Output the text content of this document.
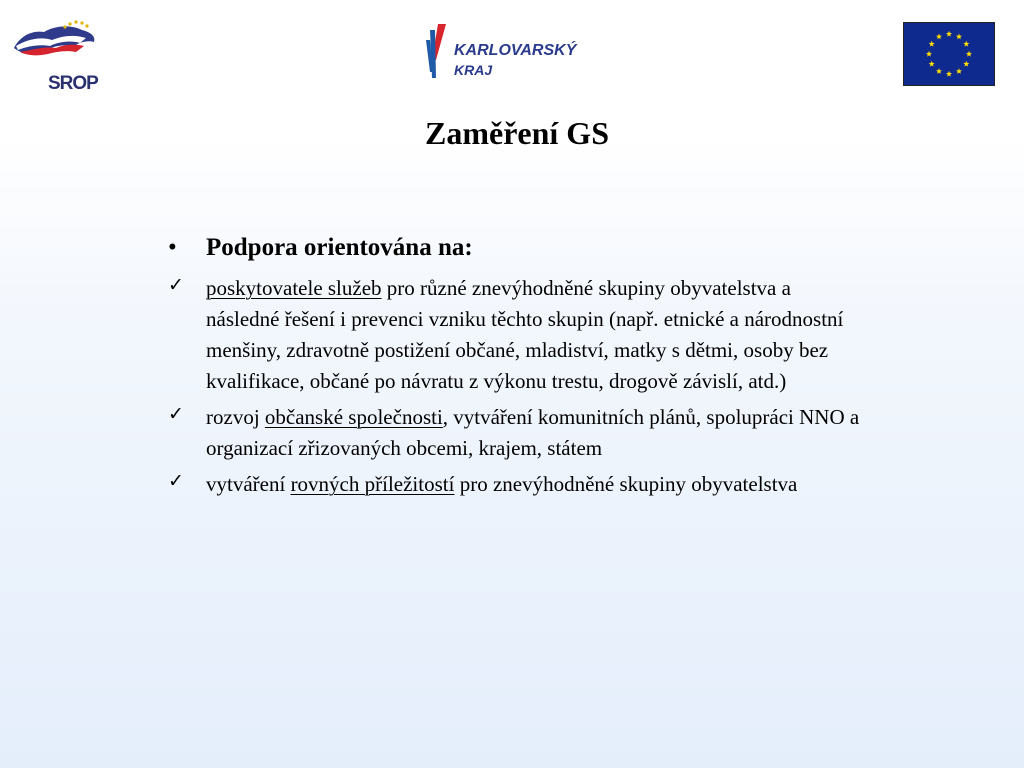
SROP

KARLOVARSKÝ

KRAJ

Zaměření GS
• Podpora orientována na:
✓ poskytovatele služeb pro různé znevýhodněné skupiny obyvatelstva a následné řešení i prevenci vzniku těchto skupin (např. etnické a národnostní menšiny, zdravotně postižení občané, mladiství, matky s dětmi, osoby bez kvalifikace, občané po návratu z výkonu trestu, drogově závislí, atd.)
✓ rozvoj občanské společnosti, vytváření komunitních plánů, spolupráci NNO a organizací zřizovaných obcemi, krajem, státem
✓ vytváření rovných příležitostí pro znevýhodněné skupiny obyvatelstva
